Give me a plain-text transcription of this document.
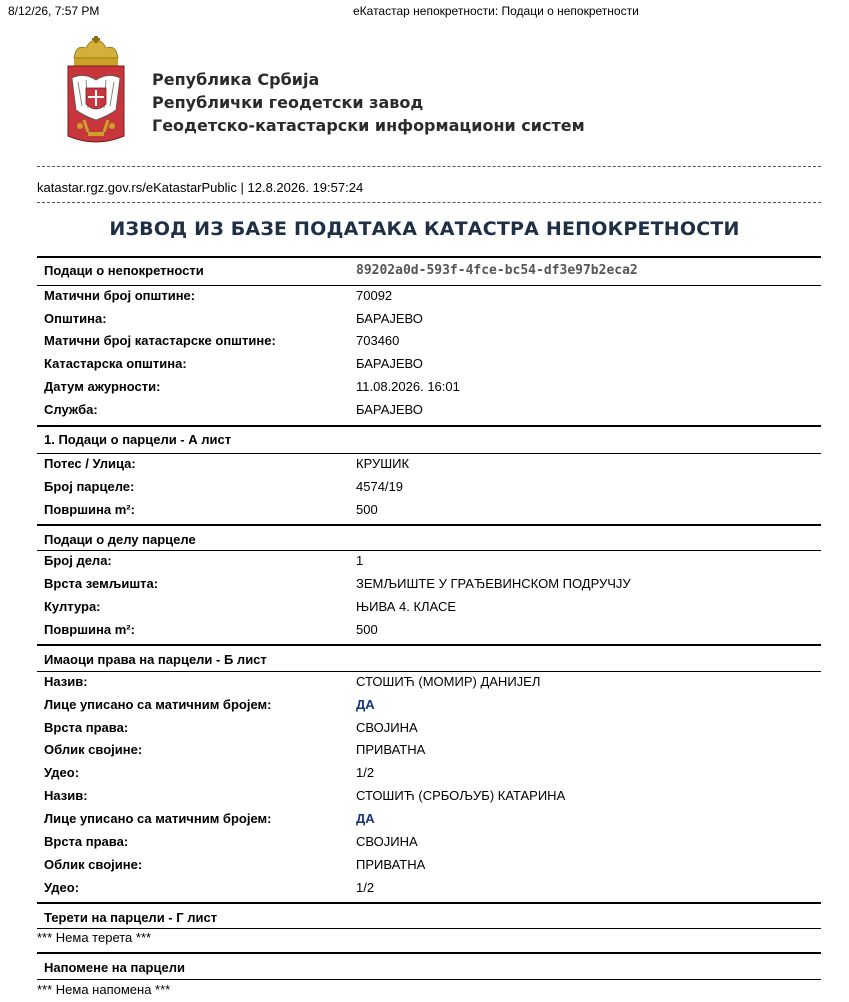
8/12/26, 7:57 PM	еКатастар непокретности: Подаци о непокретности
Република Србија
Републички геодетски завод
Геодетско-катастарски информациони систем
katastar.rgz.gov.rs/eKatastarPublic | 12.8.2026. 19:57:24
ИЗВОД ИЗ БАЗЕ ПОДАТАКА КАТАСТРА НЕПОКРЕТНОСТИ
Подаци о непокретности	89202a0d-593f-4fce-bc54-df3e97b2eca2
Матични број општине:	70092
Општина:	БАРАЈЕВО
Матични број катастарске општине:	703460
Катастарска општина:	БАРАЈЕВО
Датум ажурности:	11.08.2026. 16:01
Служба:	БАРАЈЕВО
1. Подаци о парцели - А лист
Потес / Улица:	КРУШИК
Број парцеле:	4574/19
Површина m²:	500
Подаци о делу парцеле
Број дела:	1
Врста земљишта:	ЗЕМЉИШТЕ У ГРАЂЕВИНСКОМ ПОДРУЧЈУ
Култура:	ЊИВА 4. КЛАСЕ
Површина m²:	500
Имаоци права на парцели - Б лист
Назив:	СТОШИЋ (МОМИР) ДАНИЈЕЛ
Лице уписано са матичним бројем:	ДА
Врста права:	СВОЈИНА
Облик својине:	ПРИВАТНА
Удео:	1/2
Назив:	СТОШИЋ (СРБОЉУБ) КАТАРИНА
Лице уписано са матичним бројем:	ДА
Врста права:	СВОЈИНА
Облик својине:	ПРИВАТНА
Удео:	1/2
Терети на парцели - Г лист
*** Нема терета ***
Напомене на парцели
*** Нема напомена ***
